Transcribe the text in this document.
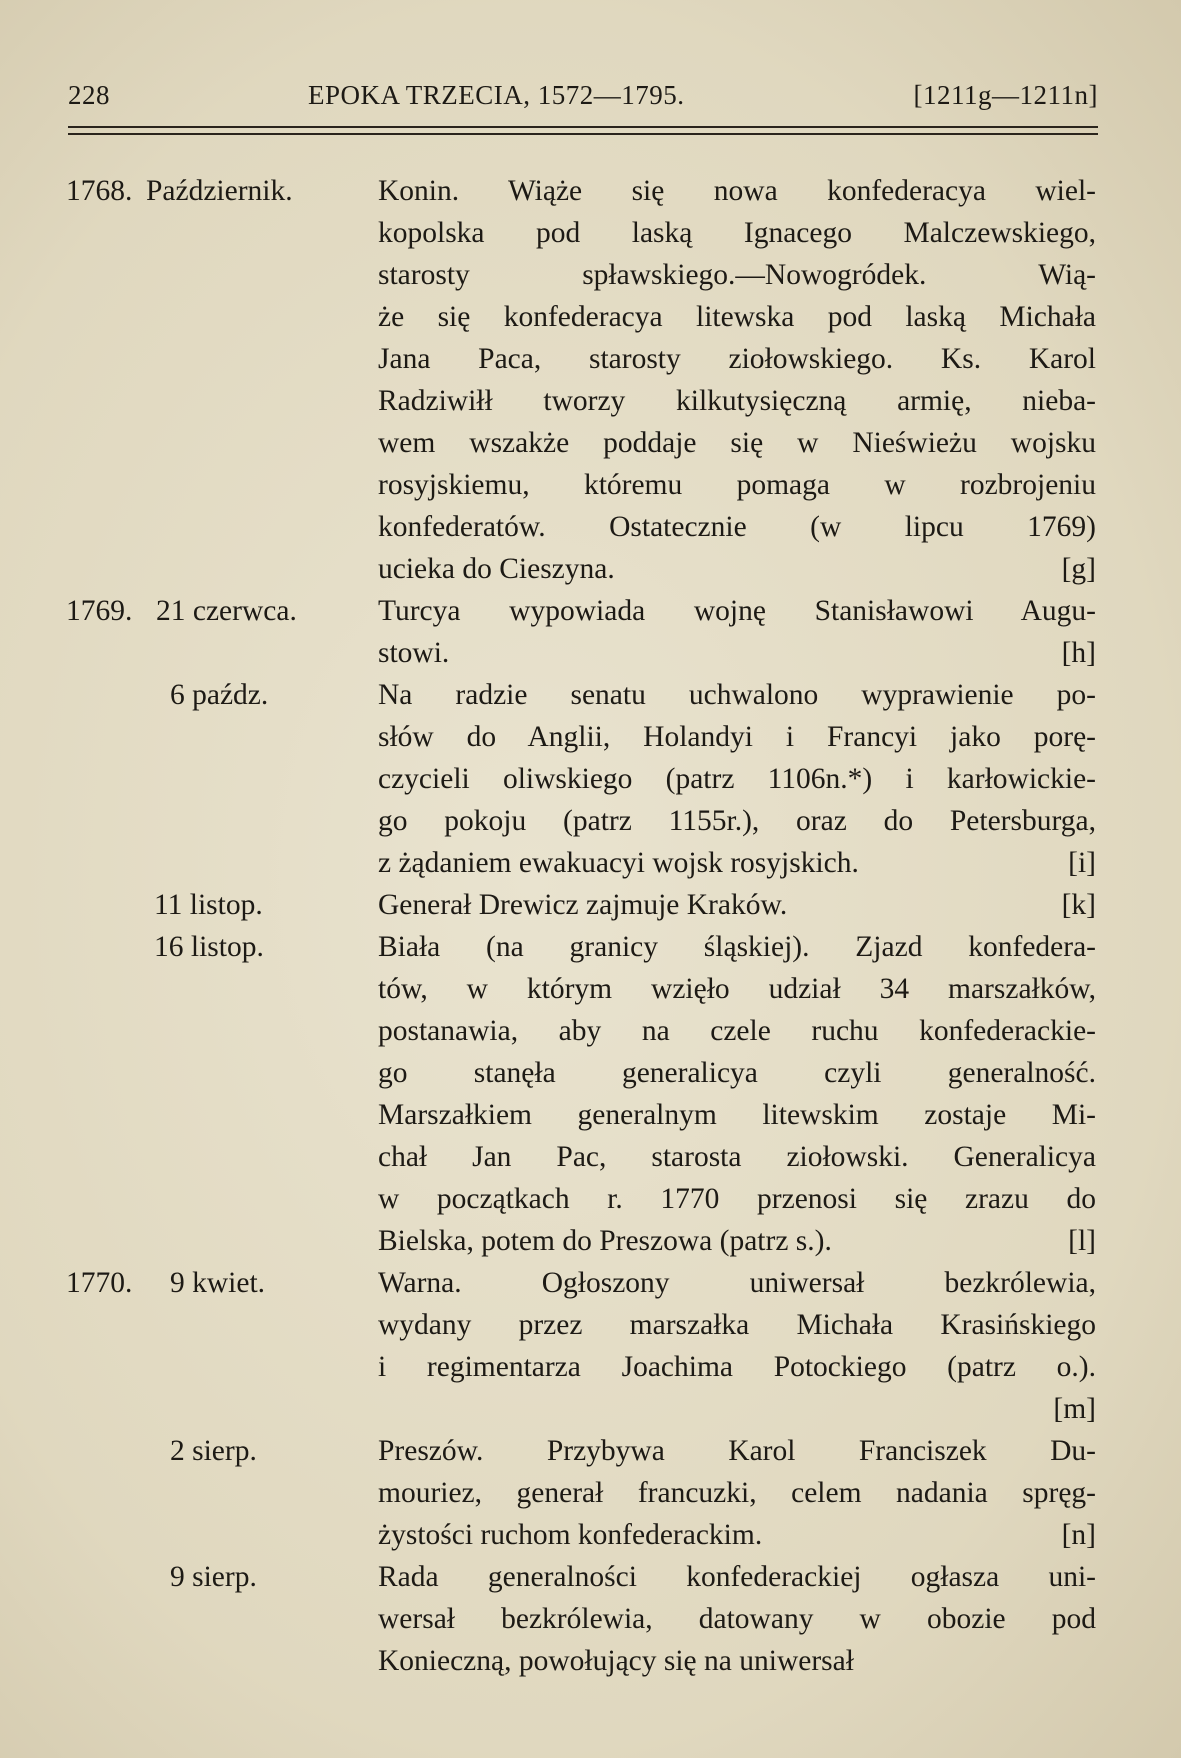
228	EPOKA TRZECIA, 1572—1795.	[1211g—1211n]
1768. Październik.	Konin. Wiąże się nowa konfederacya wiel-
kopolska pod laską Ignacego Malczewskiego,
starosty spławskiego.—Nowogródek. Wią-
że się konfederacya litewska pod laską Michała
Jana Paca, starosty ziołowskiego. Ks. Karol
Radziwiłł tworzy kilkutysięczną armię, nieba-
wem wszakże poddaje się w Nieświeżu wojsku
rosyjskiemu, któremu pomaga w rozbrojeniu
konfederatów. Ostatecznie (w lipcu 1769)
ucieka do Cieszyna.	[g]
1769. 21 czerwca.	Turcya wypowiada wojnę Stanisławowi Augu-
stowi.	[h]
6 paźdz.	Na radzie senatu uchwalono wyprawienie po-
słów do Anglii, Holandyi i Francyi jako porę-
czycieli oliwskiego (patrz 1106n.*) i karłowickie-
go pokoju (patrz 1155r.), oraz do Petersburga,
z żądaniem ewakuacyi wojsk rosyjskich.	[i]
11 listop.	Generał Drewicz zajmuje Kraków.	[k]
16 listop.	Biała (na granicy śląskiej). Zjazd konfedera-
tów, w którym wzięło udział 34 marszałków,
postanawia, aby na czele ruchu konfederackie-
go stanęła generalicya czyli generalność.
Marszałkiem generalnym litewskim zostaje Mi-
chał Jan Pac, starosta ziołowski. Generalicya
w początkach r. 1770 przenosi się zrazu do
Bielska, potem do Preszowa (patrz s.).	[l]
1770. 9 kwiet.	Warna. Ogłoszony uniwersał bezkrólewia,
wydany przez marszałka Michała Krasińskiego
i regimentarza Joachima Potockiego (patrz o.).
[m]
2 sierp.	Preszów. Przybywa Karol Franciszek Du-
mouriez, generał francuzki, celem nadania spręg-
żystości ruchom konfederackim.	[n]
9 sierp.	Rada generalności konfederackiej ogłasza uni-
wersał bezkrólewia, datowany w obozie pod
Konieczną, powołujący się na uniwersał
